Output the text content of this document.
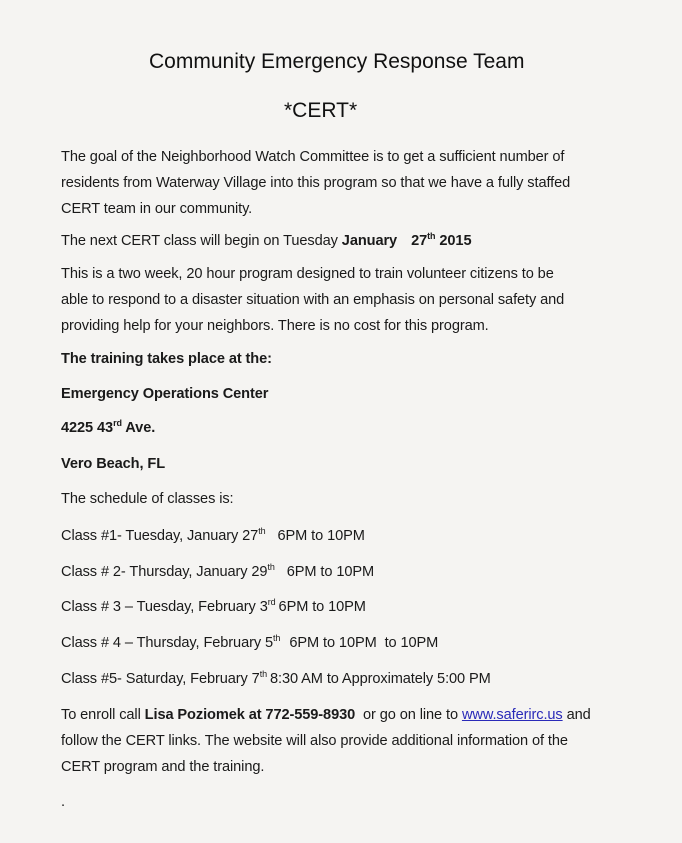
Community Emergency Response Team
*CERT*
The goal of the Neighborhood Watch Committee is to get a sufficient number of
residents from Waterway Village into this program so that we have a fully staffed
CERT team in our community.
The next CERT class will begin on Tuesday January 27th 2015
This is a two week, 20 hour program designed to train volunteer citizens to be
able to respond to a disaster situation with an emphasis on personal safety and
providing help for your neighbors. There is no cost for this program.
The training takes place at the:
Emergency Operations Center
4225 43rd Ave.
Vero Beach, FL
The schedule of classes is:
Class #1- Tuesday, January 27th 6PM to 10PM
Class # 2- Thursday, January 29th 6PM to 10PM
Class # 3 – Tuesday, February 3rd 6PM to 10PM
Class # 4 – Thursday, February 5th 6PM to 10PM  to 10PM
Class #5- Saturday, February 7th 8:30 AM to Approximately 5:00 PM
To enroll call Lisa Poziomek at 772-559-8930  or go on line to www.saferirc.us and
follow the CERT links. The website will also provide additional information of the
CERT program and the training.
.
